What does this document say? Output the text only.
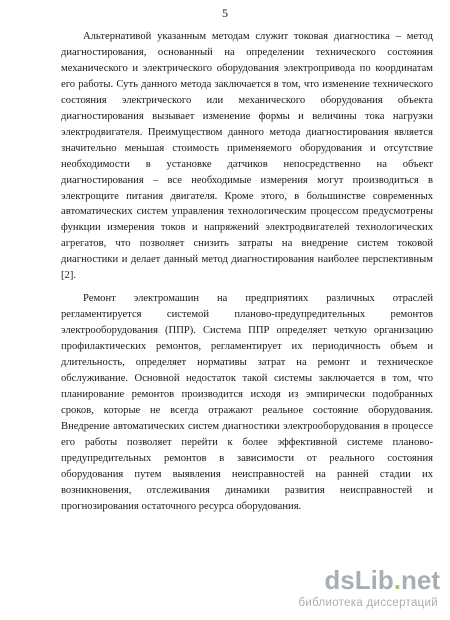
5

Альтернативой указанным методам служит токовая диагностика – метод диагностирования, основанный на определении технического состояния механического и электрического оборудования электропривода по координатам его работы. Суть данного метода заключается в том, что изменение технического состояния электрического или механического оборудования объекта диагностирования вызывает изменение формы и величины тока нагрузки электродвигателя. Преимуществом данного метода диагностирования является значительно меньшая стоимость применяемого оборудования и отсутствие необходимости в установке датчиков непосредственно на объект диагностирования – все необходимые измерения могут производиться в электрощите питания двигателя. Кроме этого, в большинстве современных автоматических систем управления технологическим процессом предусмотрены функции измерения токов и напряжений электродвигателей технологических агрегатов, что позволяет снизить затраты на внедрение систем токовой диагностики и делает данный метод диагностирования наиболее перспективным [2].

Ремонт электромашин на предприятиях различных отраслей регламентируется системой планово-предупредительных ремонтов электрооборудования (ППР). Система ППР определяет четкую организацию профилактических ремонтов, регламентирует их периодичность объем и длительность, определяет нормативы затрат на ремонт и техническое обслуживание. Основной недостаток такой системы заключается в том, что планирование ремонтов производится исходя из эмпирически подобранных сроков, которые не всегда отражают реальное состояние оборудования. Внедрение автоматических систем диагностики электрооборудования в процессе его работы позволяет перейти к более эффективной системе планово-предупредительных ремонтов в зависимости от реального состояния оборудования путем выявления неисправностей на ранней стадии их возникновения, отслеживания динамики развития неисправностей и прогнозирования остаточного ресурса оборудования.

dsLib.net
библиотека диссертаций
